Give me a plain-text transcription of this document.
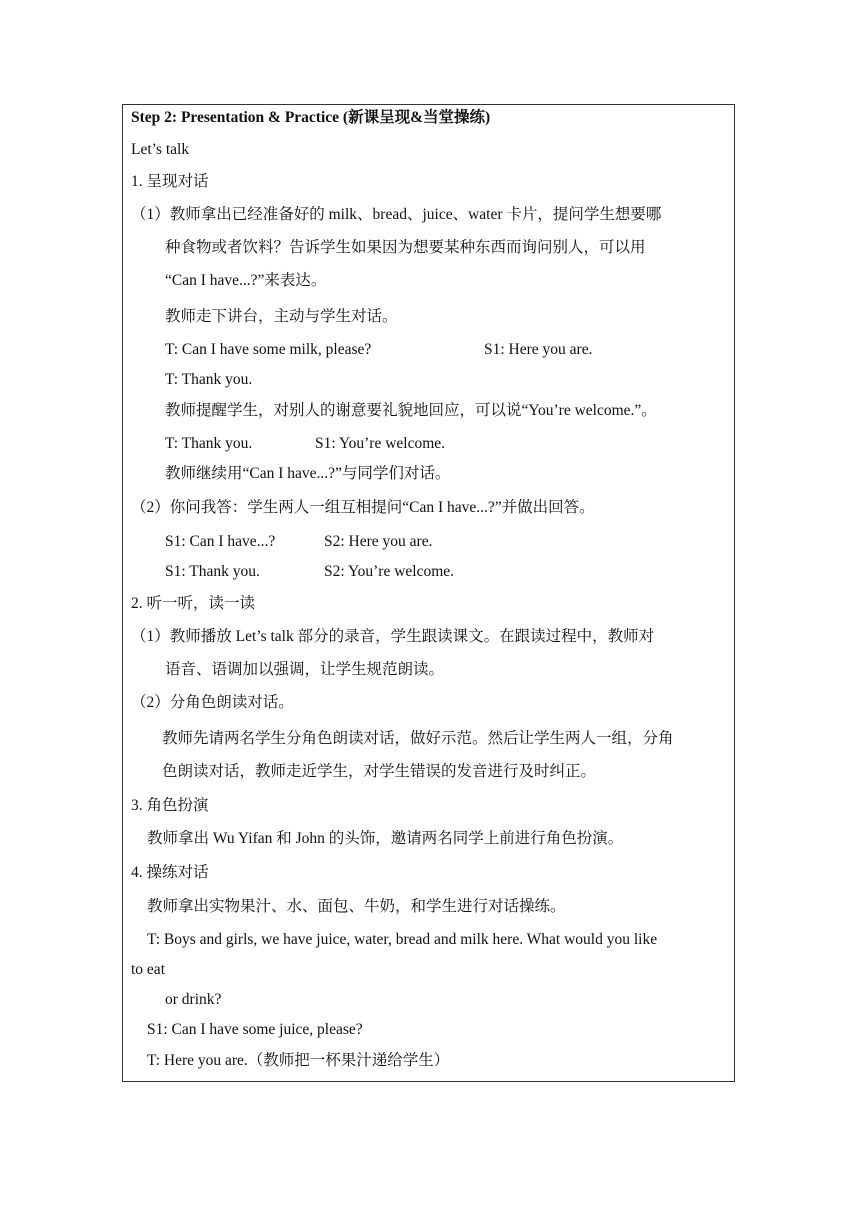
Step 2: Presentation & Practice (新课呈现&当堂操练)
Let’s talk
1. 呈现对话
（1）教师拿出已经准备好的 milk、bread、juice、water 卡片，提问学生想要哪
种食物或者饮料？告诉学生如果因为想要某种东西而询问别人，可以用
“Can I have...?”来表达。
教师走下讲台，主动与学生对话。
T: Can I have some milk, please?	S1: Here you are.
T: Thank you.
教师提醒学生，对别人的谢意要礼貌地回应，可以说“You’re welcome.”。
T: Thank you.	S1: You’re welcome.
教师继续用“Can I have...?”与同学们对话。
（2）你问我答：学生两人一组互相提问“Can I have...?”并做出回答。
S1: Can I have...?	S2: Here you are.
S1: Thank you.	S2: You’re welcome.
2. 听一听，读一读
（1）教师播放 Let’s talk 部分的录音，学生跟读课文。在跟读过程中，教师对
语音、语调加以强调，让学生规范朗读。
（2）分角色朗读对话。
教师先请两名学生分角色朗读对话，做好示范。然后让学生两人一组，分角
色朗读对话，教师走近学生，对学生错误的发音进行及时纠正。
3. 角色扮演
教师拿出 Wu Yifan 和 John 的头饰，邀请两名同学上前进行角色扮演。
4. 操练对话
教师拿出实物果汁、水、面包、牛奶，和学生进行对话操练。
T: Boys and girls, we have juice, water, bread and milk here. What would you like
to eat
or drink?
S1: Can I have some juice, please?
T: Here you are.（教师把一杯果汁递给学生）
